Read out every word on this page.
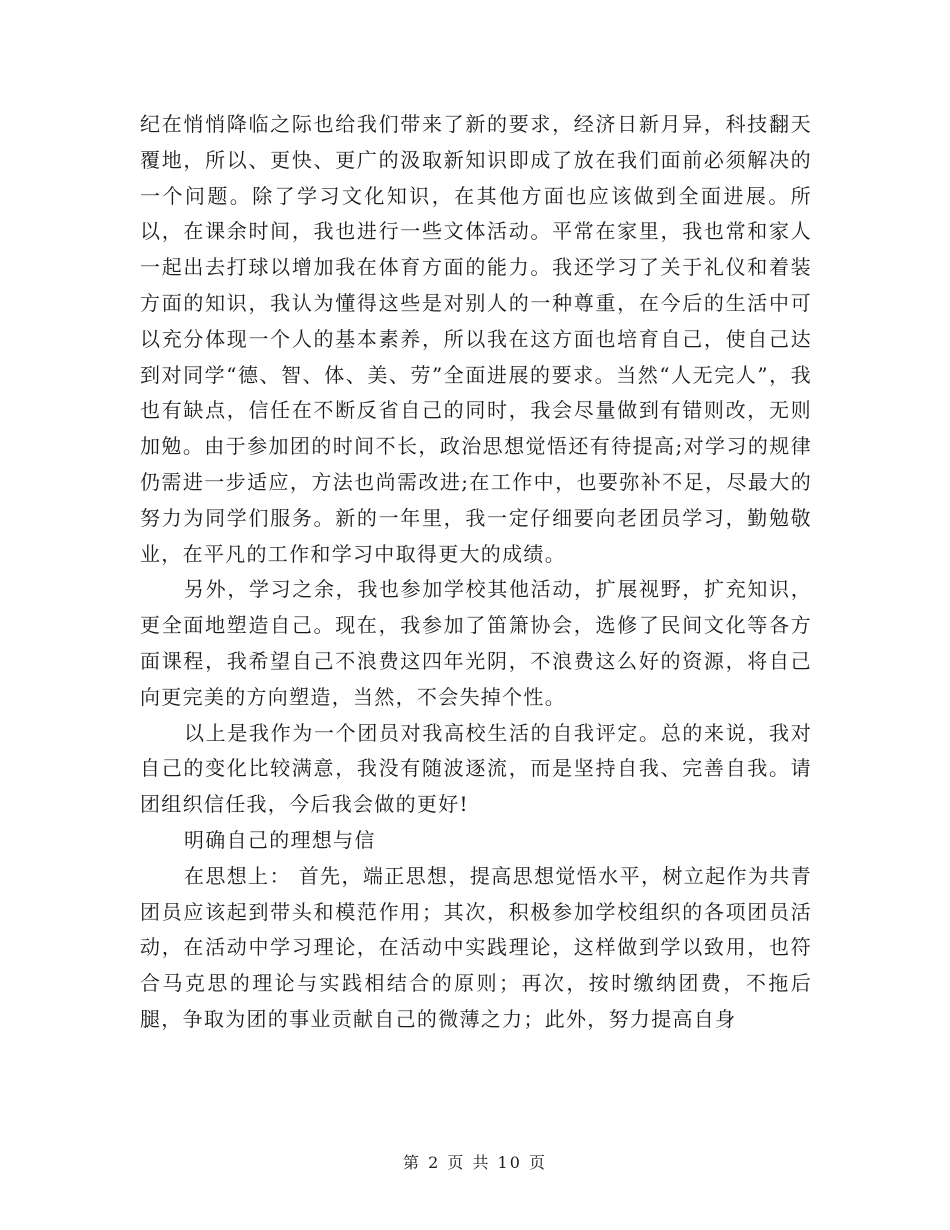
纪在悄悄降临之际也给我们带来了新的要求，经济日新月异，科技翻天覆地，所以、更快、更广的汲取新知识即成了放在我们面前必须解决的一个问题。除了学习文化知识，在其他方面也应该做到全面进展。所以，在课余时间，我也进行一些文体活动。平常在家里，我也常和家人一起出去打球以增加我在体育方面的能力。我还学习了关于礼仪和着装方面的知识，我认为懂得这些是对别人的一种尊重，在今后的生活中可以充分体现一个人的基本素养，所以我在这方面也培育自己，使自己达到对同学“德、智、体、美、劳”全面进展的要求。当然“人无完人”，我也有缺点，信任在不断反省自己的同时，我会尽量做到有错则改，无则加勉。由于参加团的时间不长，政治思想觉悟还有待提高;对学习的规律仍需进一步适应，方法也尚需改进;在工作中，也要弥补不足，尽最大的努力为同学们服务。新的一年里，我一定仔细要向老团员学习，勤勉敬业，在平凡的工作和学习中取得更大的成绩。

另外，学习之余，我也参加学校其他活动，扩展视野，扩充知识，更全面地塑造自己。现在，我参加了笛箫协会，选修了民间文化等各方面课程，我希望自己不浪费这四年光阴，不浪费这么好的资源，将自己向更完美的方向塑造，当然，不会失掉个性。

以上是我作为一个团员对我高校生活的自我评定。总的来说，我对自己的变化比较满意，我没有随波逐流，而是坚持自我、完善自我。请团组织信任我，今后我会做的更好!

明确自己的理想与信

在思想上： 首先，端正思想，提高思想觉悟水平，树立起作为共青团员应该起到带头和模范作用；其次，积极参加学校组织的各项团员活动，在活动中学习理论，在活动中实践理论，这样做到学以致用，也符合马克思的理论与实践相结合的原则；再次，按时缴纳团费，不拖后腿，争取为团的事业贡献自己的微薄之力；此外，努力提高自身

第 2 页 共 10 页
